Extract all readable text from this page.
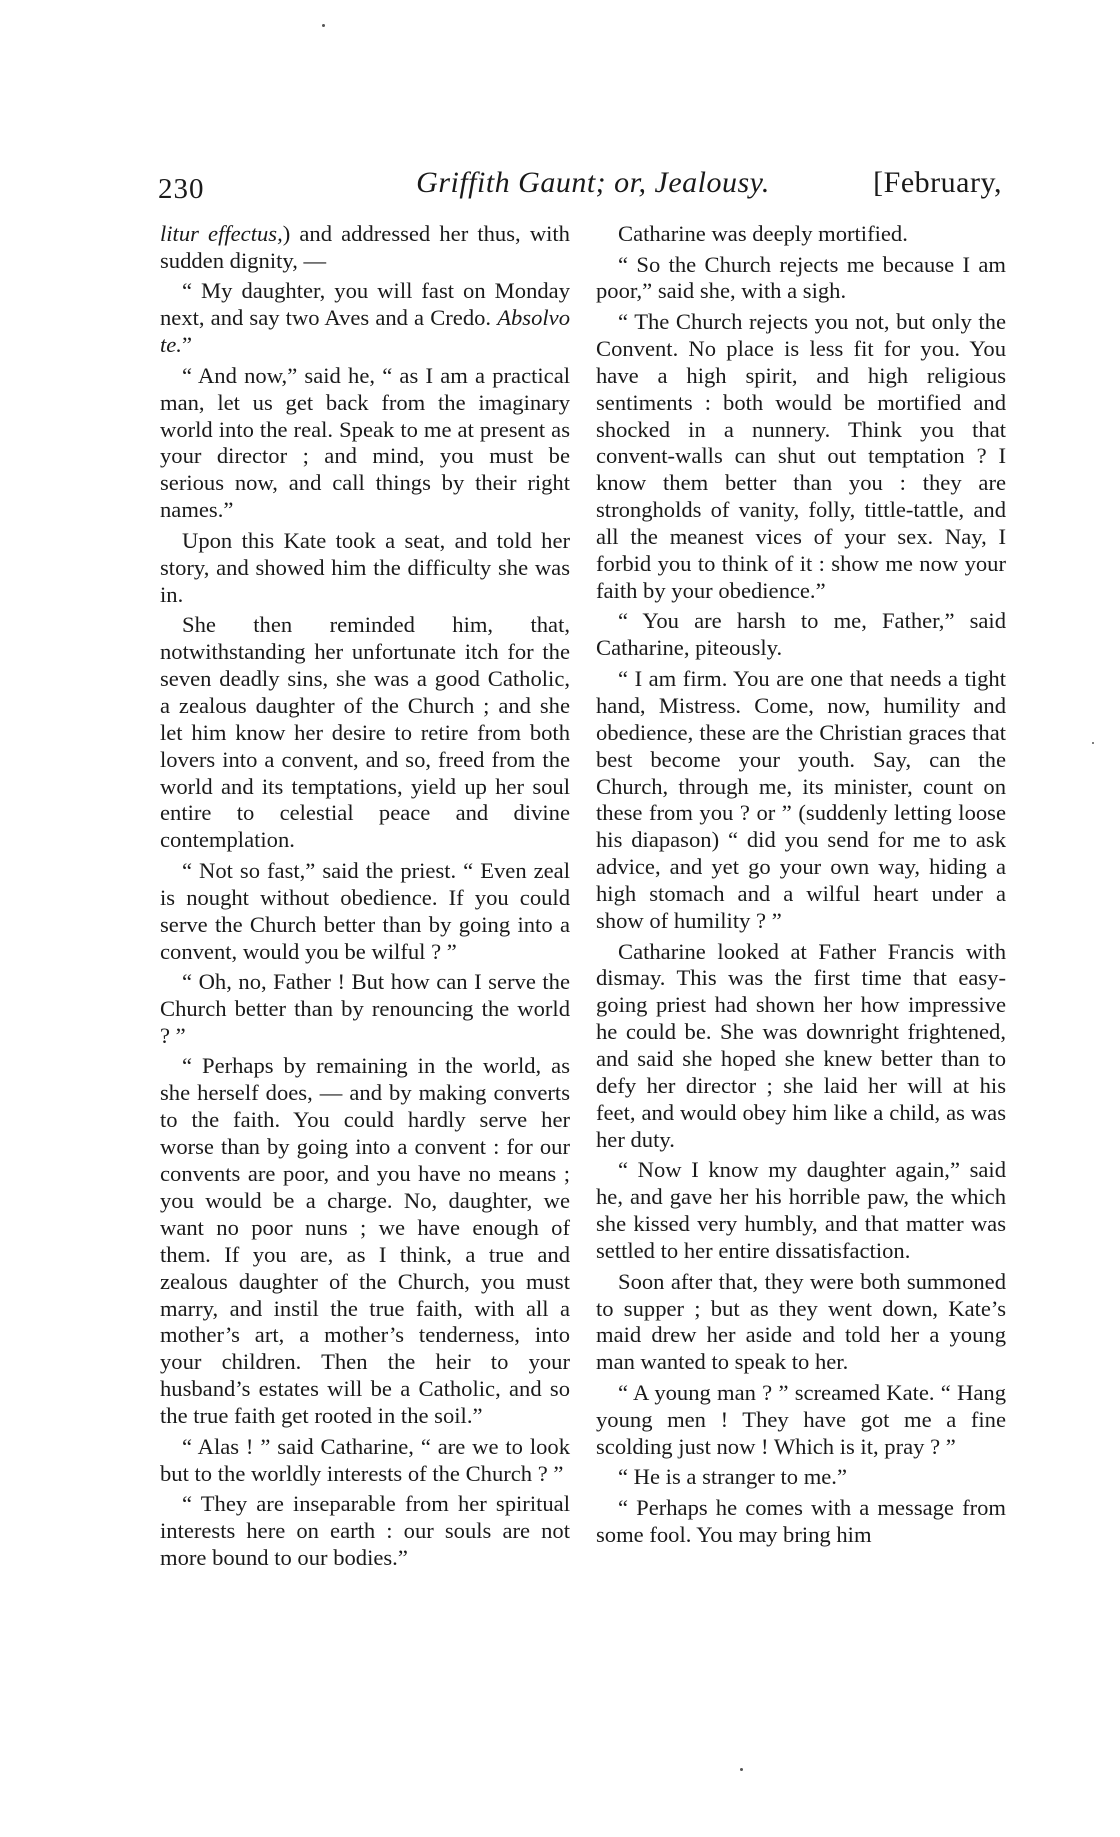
230	Griffith Gaunt; or, Jealousy.	[February,

litur effectus,) and addressed her thus, with sudden dignity, —

“ My daughter, you will fast on Monday next, and say two Aves and a Credo. Absolvo te.”

“ And now,” said he, “ as I am a practical man, let us get back from the imaginary world into the real. Speak to me at present as your director ; and mind, you must be serious now, and call things by their right names.”

Upon this Kate took a seat, and told her story, and showed him the difficulty she was in.

She then reminded him, that, notwithstanding her unfortunate itch for the seven deadly sins, she was a good Catholic, a zealous daughter of the Church ; and she let him know her desire to retire from both lovers into a convent, and so, freed from the world and its temptations, yield up her soul entire to celestial peace and divine contemplation.

“ Not so fast,” said the priest. “ Even zeal is nought without obedience. If you could serve the Church better than by going into a convent, would you be wilful ? ”

“ Oh, no, Father ! But how can I serve the Church better than by renouncing the world ? ”

“ Perhaps by remaining in the world, as she herself does, — and by making converts to the faith. You could hardly serve her worse than by going into a convent : for our convents are poor, and you have no means ; you would be a charge. No, daughter, we want no poor nuns ; we have enough of them. If you are, as I think, a true and zealous daughter of the Church, you must marry, and instil the true faith, with all a mother’s art, a mother’s tenderness, into your children. Then the heir to your husband’s estates will be a Catholic, and so the true faith get rooted in the soil.”

“ Alas ! ” said Catharine, “ are we to look but to the worldly interests of the Church ? ”

“ They are inseparable from her spiritual interests here on earth : our souls are not more bound to our bodies.”

Catharine was deeply mortified.

“ So the Church rejects me because I am poor,” said she, with a sigh.

“ The Church rejects you not, but only the Convent. No place is less fit for you. You have a high spirit, and high religious sentiments : both would be mortified and shocked in a nunnery. Think you that convent-walls can shut out temptation ? I know them better than you : they are strongholds of vanity, folly, tittle-tattle, and all the meanest vices of your sex. Nay, I forbid you to think of it : show me now your faith by your obedience.”

“ You are harsh to me, Father,” said Catharine, piteously.

“ I am firm. You are one that needs a tight hand, Mistress. Come, now, humility and obedience, these are the Christian graces that best become your youth. Say, can the Church, through me, its minister, count on these from you ? or ” (suddenly letting loose his diapason) “ did you send for me to ask advice, and yet go your own way, hiding a high stomach and a wilful heart under a show of humility ? ”

Catharine looked at Father Francis with dismay. This was the first time that easy-going priest had shown her how impressive he could be. She was downright frightened, and said she hoped she knew better than to defy her director ; she laid her will at his feet, and would obey him like a child, as was her duty.

“ Now I know my daughter again,” said he, and gave her his horrible paw, the which she kissed very humbly, and that matter was settled to her entire dissatisfaction.

Soon after that, they were both summoned to supper ; but as they went down, Kate’s maid drew her aside and told her a young man wanted to speak to her.

“ A young man ? ” screamed Kate. “ Hang young men ! They have got me a fine scolding just now ! Which is it, pray ? ”

“ He is a stranger to me.”

“ Perhaps he comes with a message from some fool. You may bring him
